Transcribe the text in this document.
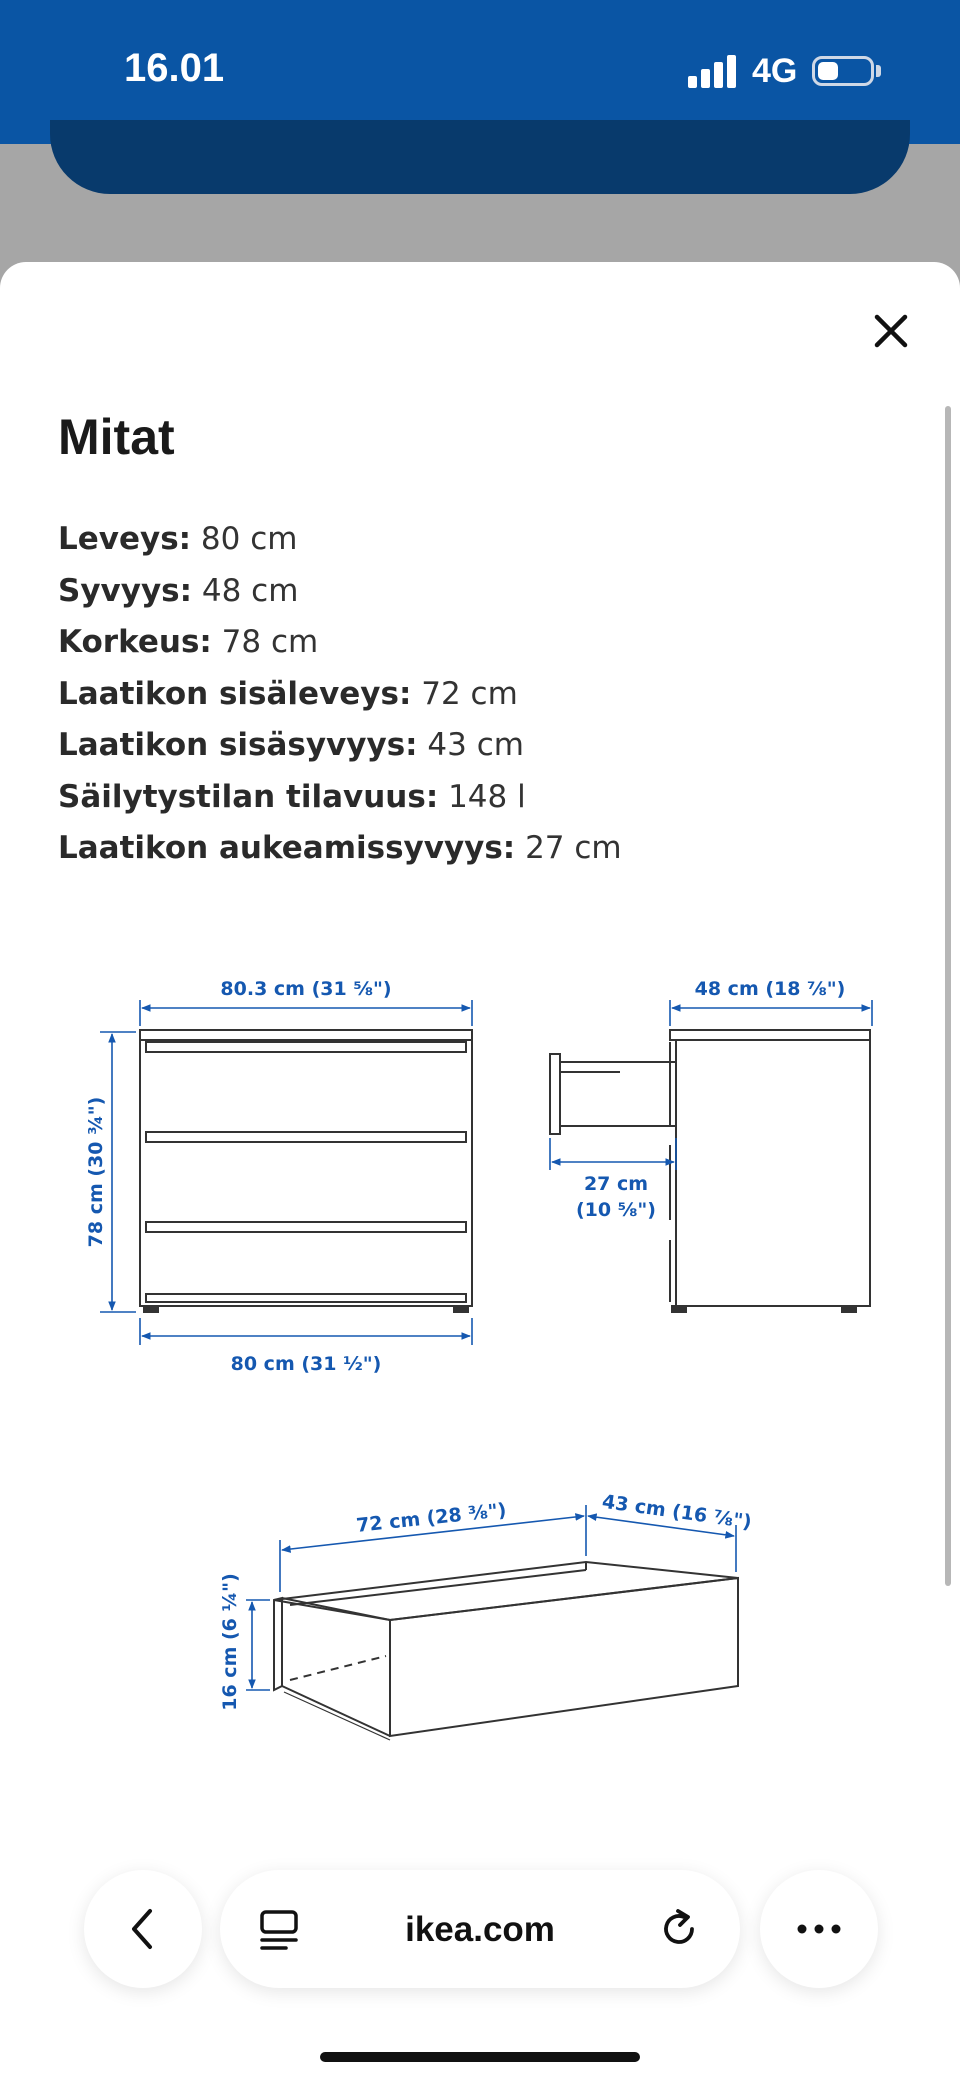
16.01	4G
Mitat
Leveys: 80 cm
Syvyys: 48 cm
Korkeus: 78 cm
Laatikon sisäleveys: 72 cm
Laatikon sisäsyvyys: 43 cm
Säilytystilan tilavuus: 148 l
Laatikon aukeamissyvyys: 27 cm
80.3 cm (31 ⅝")
80 cm (31 ½")
78 cm (30 ¾")
48 cm (18 ⅞")
27 cm
(10 ⅝")
72 cm (28 ⅜")	43 cm (16 ⅞")
16 cm (6 ¼")
ikea.com
